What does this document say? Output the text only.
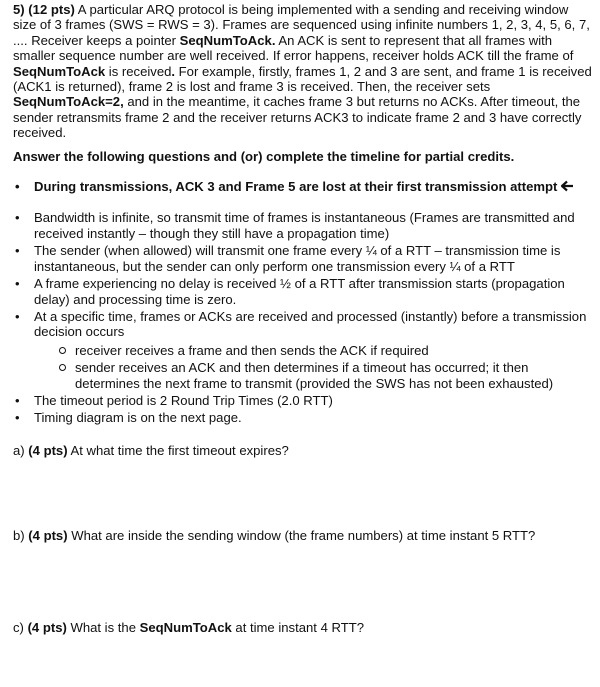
5) (12 pts) A particular ARQ protocol is being implemented with a sending and receiving window size of 3 frames (SWS = RWS = 3). Frames are sequenced using infinite numbers 1, 2, 3, 4, 5, 6, 7, .... Receiver keeps a pointer SeqNumToAck. An ACK is sent to represent that all frames with smaller sequence number are well received. If error happens, receiver holds ACK till the frame of SeqNumToAck is received. For example, firstly, frames 1, 2 and 3 are sent, and frame 1 is received (ACK1 is returned), frame 2 is lost and frame 3 is received. Then, the receiver sets SeqNumToAck=2, and in the meantime, it caches frame 3 but returns no ACKs. After timeout, the sender retransmits frame 2 and the receiver returns ACK3 to indicate frame 2 and 3 have correctly received.

Answer the following questions and (or) complete the timeline for partial credits.

• During transmissions, ACK 3 and Frame 5 are lost at their first transmission attempt
• Bandwidth is infinite, so transmit time of frames is instantaneous (Frames are transmitted and received instantly – though they still have a propagation time)
• The sender (when allowed) will transmit one frame every ¼ of a RTT – transmission time is instantaneous, but the sender can only perform one transmission every ¼ of a RTT
• A frame experiencing no delay is received ½ of a RTT after transmission starts (propagation delay) and processing time is zero.
• At a specific time, frames or ACKs are received and processed (instantly) before a transmission decision occurs
receiver receives a frame and then sends the ACK if required
sender receives an ACK and then determines if a timeout has occurred; it then determines the next frame to transmit (provided the SWS has not been exhausted)
• The timeout period is 2 Round Trip Times (2.0 RTT)
• Timing diagram is on the next page.

a) (4 pts) At what time the first timeout expires?

b) (4 pts) What are inside the sending window (the frame numbers) at time instant 5 RTT?

c) (4 pts) What is the SeqNumToAck at time instant 4 RTT?
